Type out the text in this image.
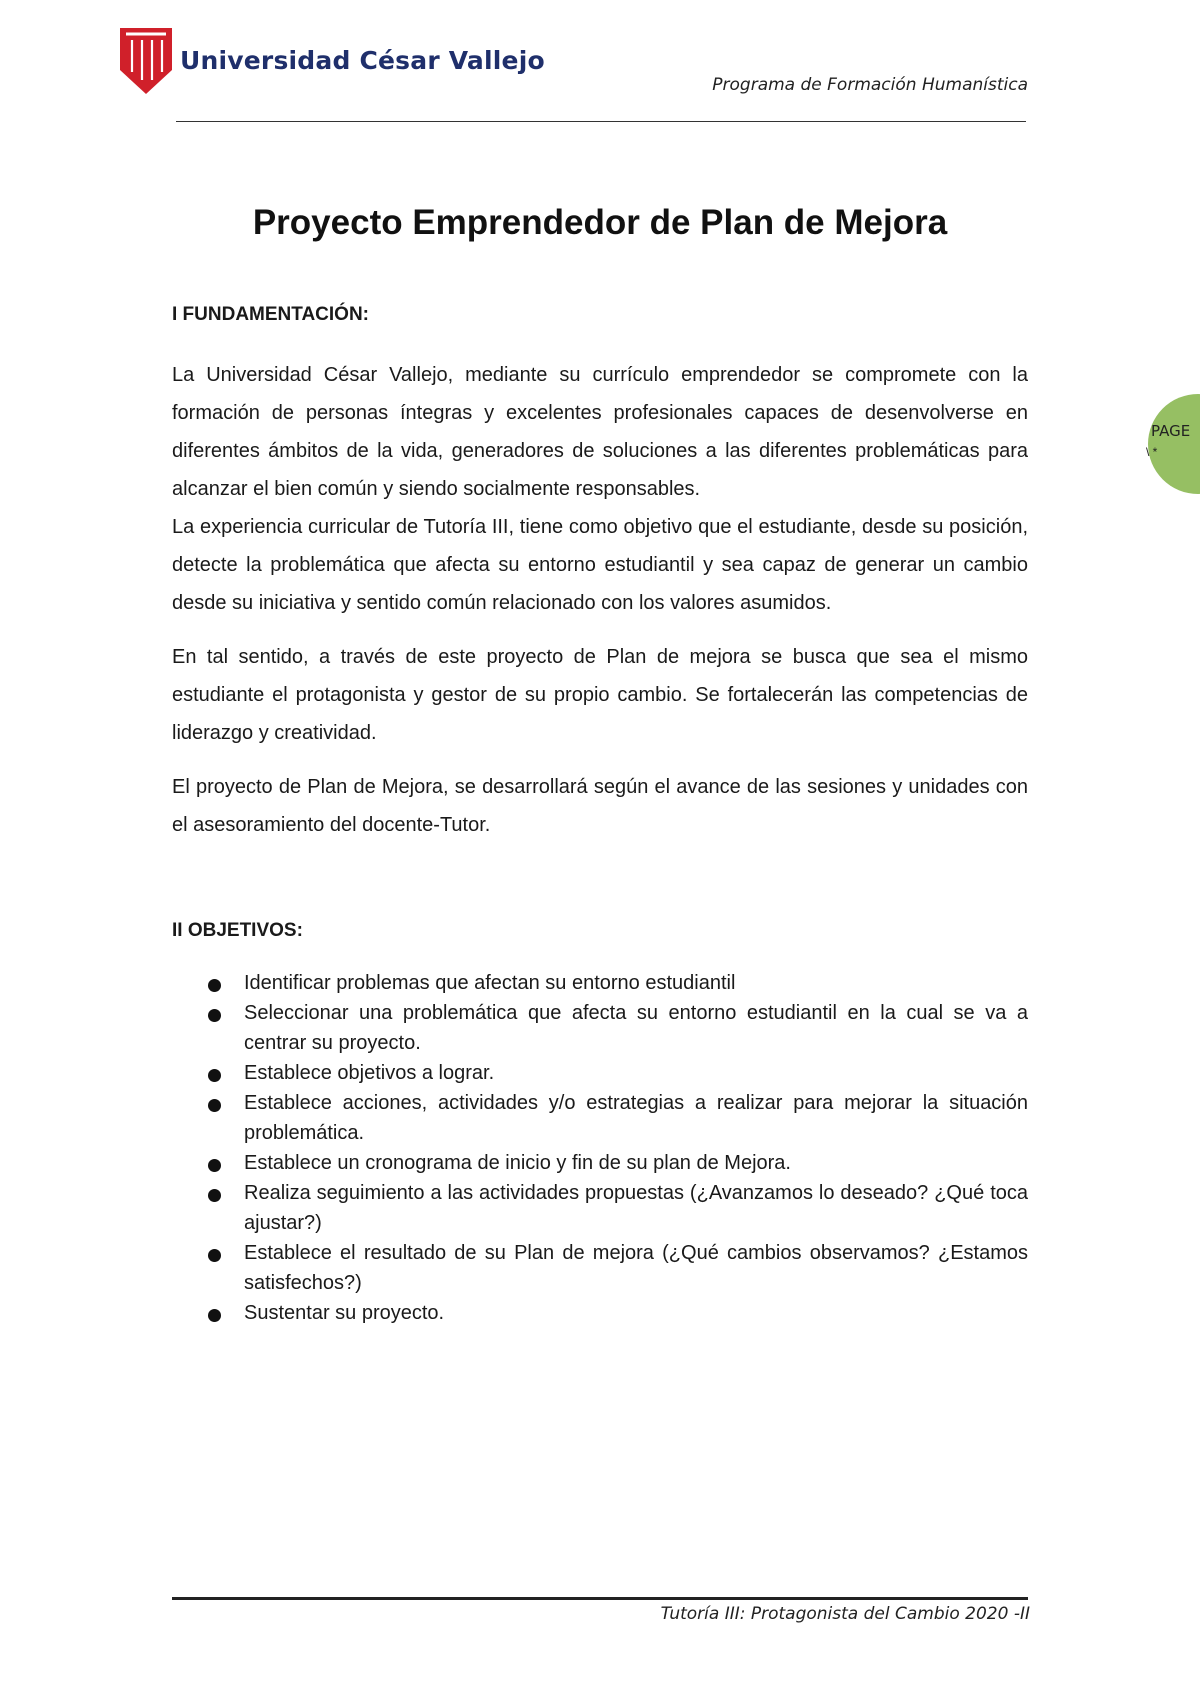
Universidad César Vallejo
Programa de Formación Humanística
PAGE
\ *
Proyecto Emprendedor de Plan de Mejora

I FUNDAMENTACIÓN:

La Universidad César Vallejo, mediante su currículo emprendedor se compromete con la formación de personas íntegras y excelentes profesionales capaces de desenvolverse en diferentes ámbitos de la vida, generadores de soluciones a las diferentes problemáticas para alcanzar el bien común y siendo socialmente responsables.

La experiencia curricular de Tutoría III, tiene como objetivo que el estudiante, desde su posición, detecte la problemática que afecta su entorno estudiantil y sea capaz de generar un cambio desde su iniciativa y sentido común relacionado con los valores asumidos.

En tal sentido, a través de este proyecto de Plan de mejora se busca que sea el mismo estudiante el protagonista y gestor de su propio cambio. Se fortalecerán las competencias de liderazgo y creatividad.

El proyecto de Plan de Mejora, se desarrollará según el avance de las sesiones y unidades con el asesoramiento del docente-Tutor.

II OBJETIVOS:

Identificar problemas que afectan su entorno estudiantil
Seleccionar una problemática que afecta su entorno estudiantil en la cual se va a centrar su proyecto.
Establece objetivos a lograr.
Establece acciones, actividades y/o estrategias a realizar para mejorar la situación problemática.
Establece un cronograma de inicio y fin de su plan de Mejora.
Realiza seguimiento a las actividades propuestas (¿Avanzamos lo deseado? ¿Qué toca ajustar?)
Establece el resultado de su Plan de mejora (¿Qué cambios observamos? ¿Estamos satisfechos?)
Sustentar su proyecto.
Tutoría III: Protagonista del Cambio 2020 -II
